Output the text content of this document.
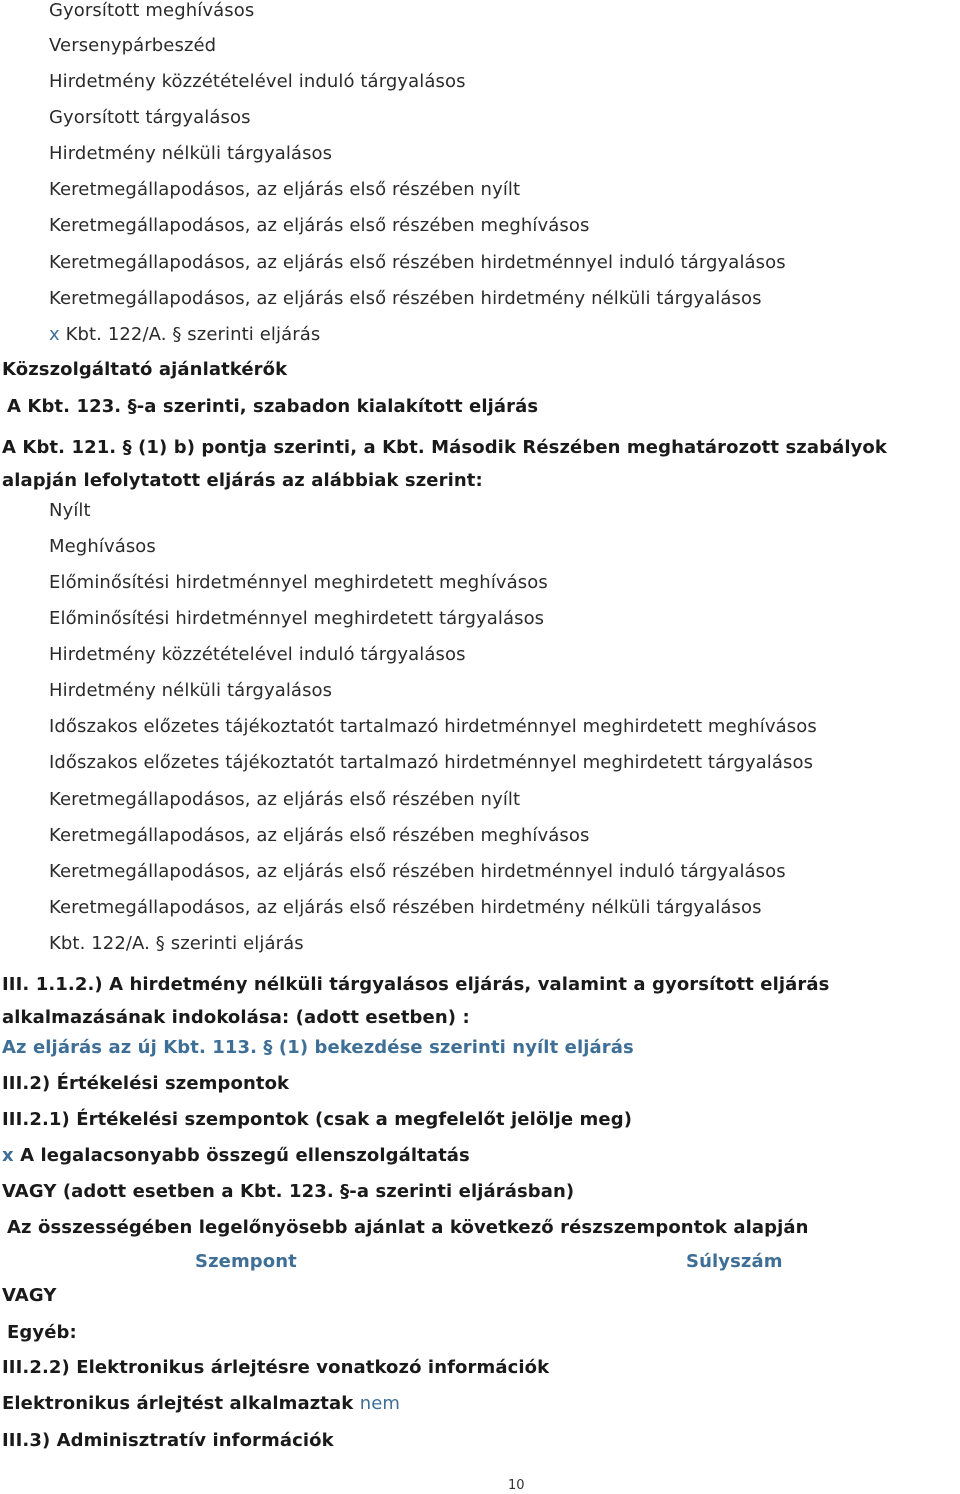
Gyorsított meghívásos
Versenypárbeszéd
Hirdetmény közzétételével induló tárgyalásos
Gyorsított tárgyalásos
Hirdetmény nélküli tárgyalásos
Keretmegállapodásos, az eljárás első részében nyílt
Keretmegállapodásos, az eljárás első részében meghívásos
Keretmegállapodásos, az eljárás első részében hirdetménnyel induló tárgyalásos
Keretmegállapodásos, az eljárás első részében hirdetmény nélküli tárgyalásos
x Kbt. 122/A. § szerinti eljárás
Közszolgáltató ajánlatkérők
A Kbt. 123. §-a szerinti, szabadon kialakított eljárás
A Kbt. 121. § (1) b) pontja szerinti, a Kbt. Második Részében meghatározott szabályok alapján lefolytatott eljárás az alábbiak szerint:
Nyílt
Meghívásos
Előminősítési hirdetménnyel meghirdetett meghívásos
Előminősítési hirdetménnyel meghirdetett tárgyalásos
Hirdetmény közzétételével induló tárgyalásos
Hirdetmény nélküli tárgyalásos
Időszakos előzetes tájékoztatót tartalmazó hirdetménnyel meghirdetett meghívásos
Időszakos előzetes tájékoztatót tartalmazó hirdetménnyel meghirdetett tárgyalásos
Keretmegállapodásos, az eljárás első részében nyílt
Keretmegállapodásos, az eljárás első részében meghívásos
Keretmegállapodásos, az eljárás első részében hirdetménnyel induló tárgyalásos
Keretmegállapodásos, az eljárás első részében hirdetmény nélküli tárgyalásos
Kbt. 122/A. § szerinti eljárás
III. 1.1.2.) A hirdetmény nélküli tárgyalásos eljárás, valamint a gyorsított eljárás alkalmazásának indokolása: (adott esetben) :
Az eljárás az új Kbt. 113. § (1) bekezdése szerinti nyílt eljárás
III.2) Értékelési szempontok
III.2.1) Értékelési szempontok (csak a megfelelőt jelölje meg)
x A legalacsonyabb összegű ellenszolgáltatás
VAGY (adott esetben a Kbt. 123. §-a szerinti eljárásban)
Az összességében legelőnyösebb ajánlat a következő részszempontok alapján
Szempont	Súlyszám
VAGY
Egyéb:
III.2.2) Elektronikus árlejtésre vonatkozó információk
Elektronikus árlejtést alkalmaztak nem
III.3) Adminisztratív információk
10
